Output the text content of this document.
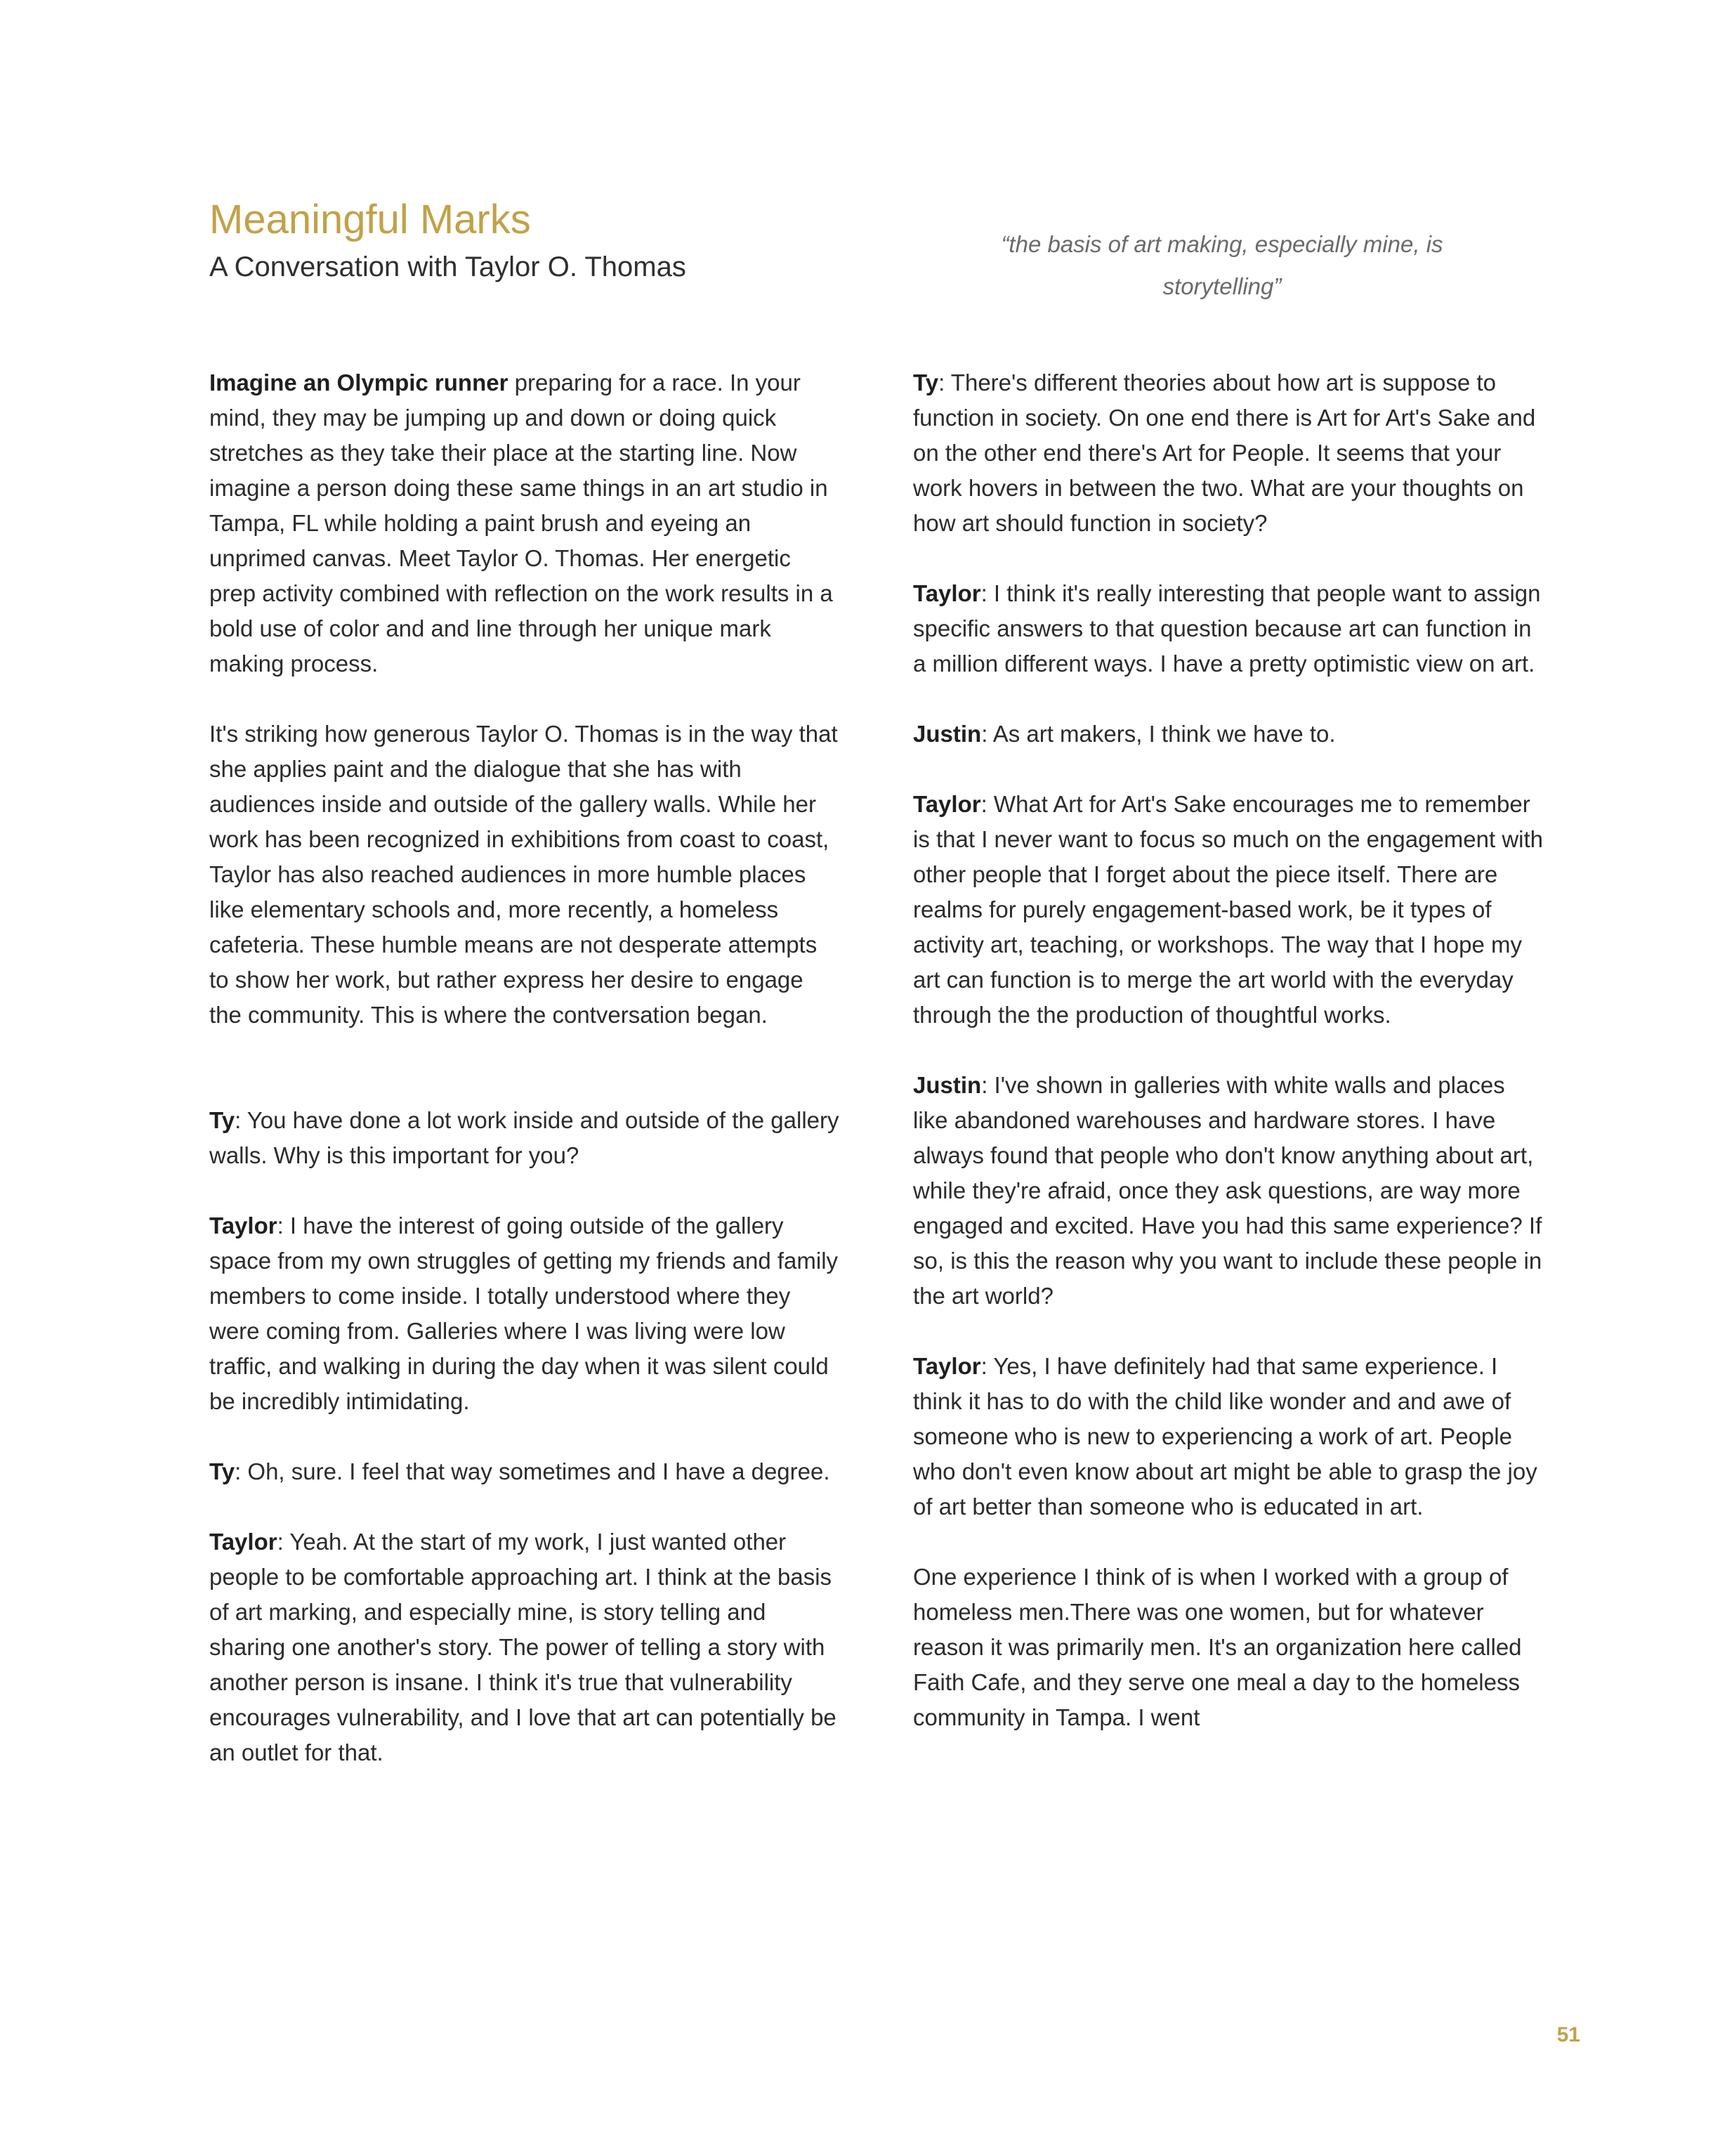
Meaningful Marks
A Conversation with Taylor O. Thomas
“the basis of art making, especially mine, is storytelling”

Imagine an Olympic runner preparing for a race. In your mind, they may be jumping up and down or doing quick stretches as they take their place at the starting line. Now imagine a person doing these same things in an art studio in Tampa, FL while holding a paint brush and eyeing an unprimed canvas. Meet Taylor O. Thomas. Her energetic prep activity combined with reflection on the work results in a bold use of color and and line through her unique mark making process.

It's striking how generous Taylor O. Thomas is in the way that she applies paint and the dialogue that she has with audiences inside and outside of the gallery walls. While her work has been recognized in exhibitions from coast to coast, Taylor has also reached audiences in more humble places like elementary schools and, more recently, a homeless cafeteria. These humble means are not desperate attempts to show her work, but rather express her desire to engage the community. This is where the contversation began.

Ty: You have done a lot work inside and outside of the gallery walls. Why is this important for you?

Taylor: I have the interest of going outside of the gallery space from my own struggles of getting my friends and family members to come inside. I totally understood where they were coming from. Galleries where I was living were low traffic, and walking in during the day when it was silent could be incredibly intimidating.

Ty: Oh, sure. I feel that way sometimes and I have a degree.

Taylor: Yeah. At the start of my work, I just wanted other people to be comfortable approaching art. I think at the basis of art marking, and especially mine, is story telling and sharing one another's story. The power of telling a story with another person is insane. I think it's true that vulnerability encourages vulnerability, and I love that art can potentially be an outlet for that.

Ty: There's different theories about how art is suppose to function in society. On one end there is Art for Art's Sake and on the other end there's Art for People. It seems that your work hovers in between the two. What are your thoughts on how art should function in society?

Taylor: I think it's really interesting that people want to assign specific answers to that question because art can function in a million different ways. I have a pretty optimistic view on art.

Justin: As art makers, I think we have to.

Taylor: What Art for Art's Sake encourages me to remember is that I never want to focus so much on the engagement with other people that I forget about the piece itself. There are realms for purely engagement-based work, be it types of activity art, teaching, or workshops. The way that I hope my art can function is to merge the art world with the everyday through the the production of thoughtful works.

Justin: I've shown in galleries with white walls and places like abandoned warehouses and hardware stores. I have always found that people who don't know anything about art, while they're afraid, once they ask questions, are way more engaged and excited. Have you had this same experience? If so, is this the reason why you want to include these people in the art world?

Taylor: Yes, I have definitely had that same experience. I think it has to do with the child like wonder and and awe of someone who is new to experiencing a work of art. People who don't even know about art might be able to grasp the joy of art better than someone who is educated in art.

One experience I think of is when I worked with a group of homeless men.There was one women, but for whatever reason it was primarily men. It's an organization here called Faith Cafe, and they serve one meal a day to the homeless community in Tampa. I went

51
